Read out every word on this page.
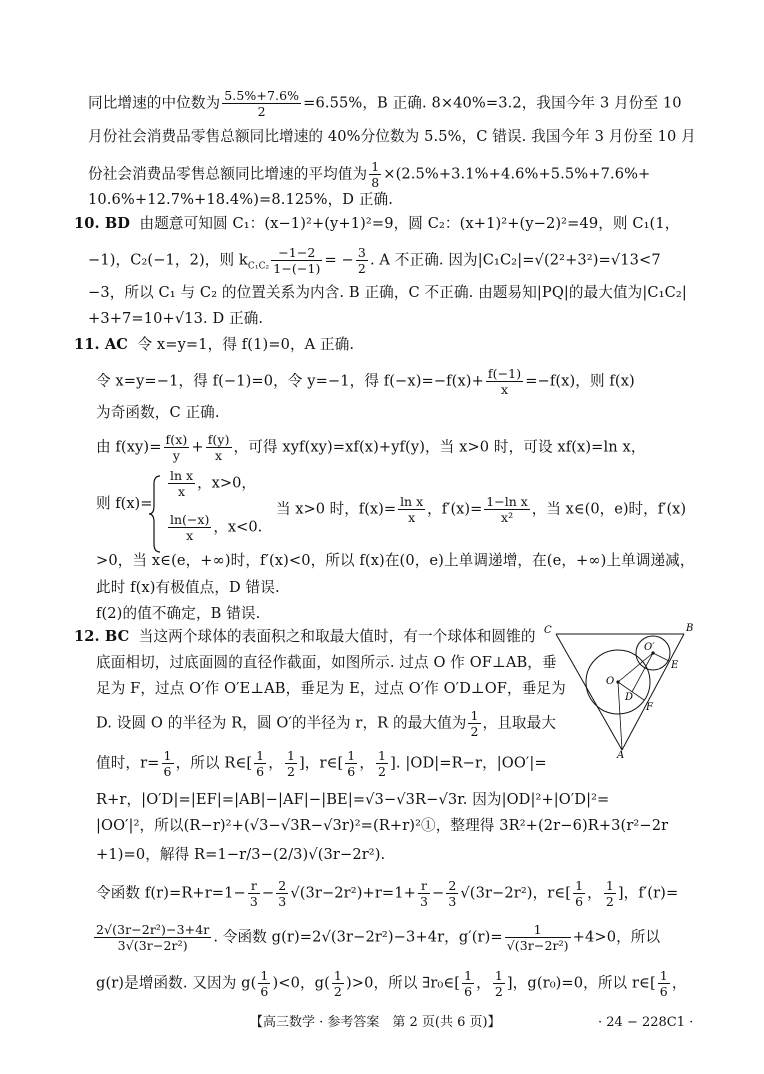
同比增速的中位数为 $\frac{5.5\%+7.6\%}{2} =6.55\%$，B 正确. 8×40%=3.2，我国今年 3 月份至 10
月份社会消费品零售总额同比增速的 40%分位数为 5.5%，C 错误. 我国今年 3 月份至 10 月
份社会消费品零售总额同比增速的平均值为 $\frac{1}{8} \times(2.5\%+3.1\%+4.6\%+5.5\%+7.6\%+$
10.6%+12.7%+18.4%)=8.125%，D 正确.
10. BD 由题意可知圆 C₁：(x−1)²+(y+1)²=9，圆 C₂：(x+1)²+(y−2)²=49，则 C₁(1，
−1)，C₂(−1，2)，则 $k_{C_1C_2} \frac{-1-2}{1-(-1)}$ = − $\frac{3}{2}$ . A 不正确. 因为|C₁C₂|=√(2²+3²)=√13<7
−3，所以 C₁ 与 C₂ 的位置关系为内含. B 正确，C 不正确. 由题易知|PQ|的最大值为|C₁C₂|
+3+7=10+√13. D 正确.
11. AC 令 x=y=1，得 f(1)=0，A 正确.
令 x=y=−1，得 f(−1)=0，令 y=−1，得 $f(-x)=-f(x)+ \frac{f(-1)}{x} =-f(x)$，则 f(x)
为奇函数，C 正确.
由 $f(xy)= \frac{f(x)}{y} + \frac{f(y)}{x}$ ，可得 xyf(xy)=xf(x)+yf(y)，当 x>0 时，可设 xf(x)=ln x，
则 f(x)=
$\frac{\text{ln x}}{x}$ ，x>0，
$\frac{\ln(-x)}{x}$ ，x<0.
当 x>0 时，$f(x)= \frac{\text{ln x}}{x}$ ，$f'(x)= \frac{\text{1−ln x}}{\text{x²}}$ ，当 x∈(0，e)时，f′(x)
>0，当 x∈(e，+∞)时，f′(x)<0，所以 f(x)在(0，e)上单调递增，在(e，+∞)上单调递减，
此时 f(x)有极值点，D 错误.
f(2)的值不确定，B 错误.
12. BC 当这两个球体的表面积之和取最大值时，有一个球体和圆锥的
底面相切，过底面圆的直径作截面，如图所示. 过点 O 作 OF⊥AB，垂
足为 F，过点 O′作 O′E⊥AB，垂足为 E，过点 O′作 O′D⊥OF，垂足为
D. 设圆 O 的半径为 R，圆 O′的半径为 r，R 的最大值为 $\frac{1}{2}$ ，且取最大
值时，$r= \frac{1}{6}$ ，所以 R∈[ $\frac{1}{6}$ ， $\frac{1}{2}$ ]，r∈[ $\frac{1}{6}$ ， $\frac{1}{2}$ ]. |OD|=R−r，|OO′|=
R+r，|O′D|=|EF|=|AB|−|AF|−|BE|=√3−√3R−√3r. 因为|OD|²+|O′D|²=
|OO′|²，所以(R−r)²+(√3−√3R−√3r)²=(R+r)²①，整理得 3R²+(2r−6)R+3(r²−2r
+1)=0，解得 R=1−r/3−(2/3)√(3r−2r²).
令函数 $f(r)=R+r=1- \frac{r}{3} - \frac{2}{3} √(3r-2r^2)+r=1+ \frac{r}{3} - \frac{2}{3} √(3r-2r^2)$，r∈[ $\frac{1}{6}$ ， $\frac{1}{2}$ ]，f′(r)=
$\frac{\text{2√(3r−2r²)−3+4r}}{\text{3√(3r−2r²)}}$ . 令函数 g(r)=2√(3r−2r²)−3+4r，$g'(r)= \frac{1}{\text{√(3r−2r²)}} +4>0$，所以
g(r)是增函数. 又因为 $g( \frac{1}{6} )<0$，$g( \frac{1}{2} )>0$，所以 ∃r₀∈[ $\frac{1}{6}$ ， $\frac{1}{2}$ ]，g(r₀)=0，所以 r∈[ $\frac{1}{6}$ ，
C	B
A
O
O′
E
D
F
【高三数学 · 参考答案　第 2 页(共 6 页)】	· 24 − 228C1 ·
